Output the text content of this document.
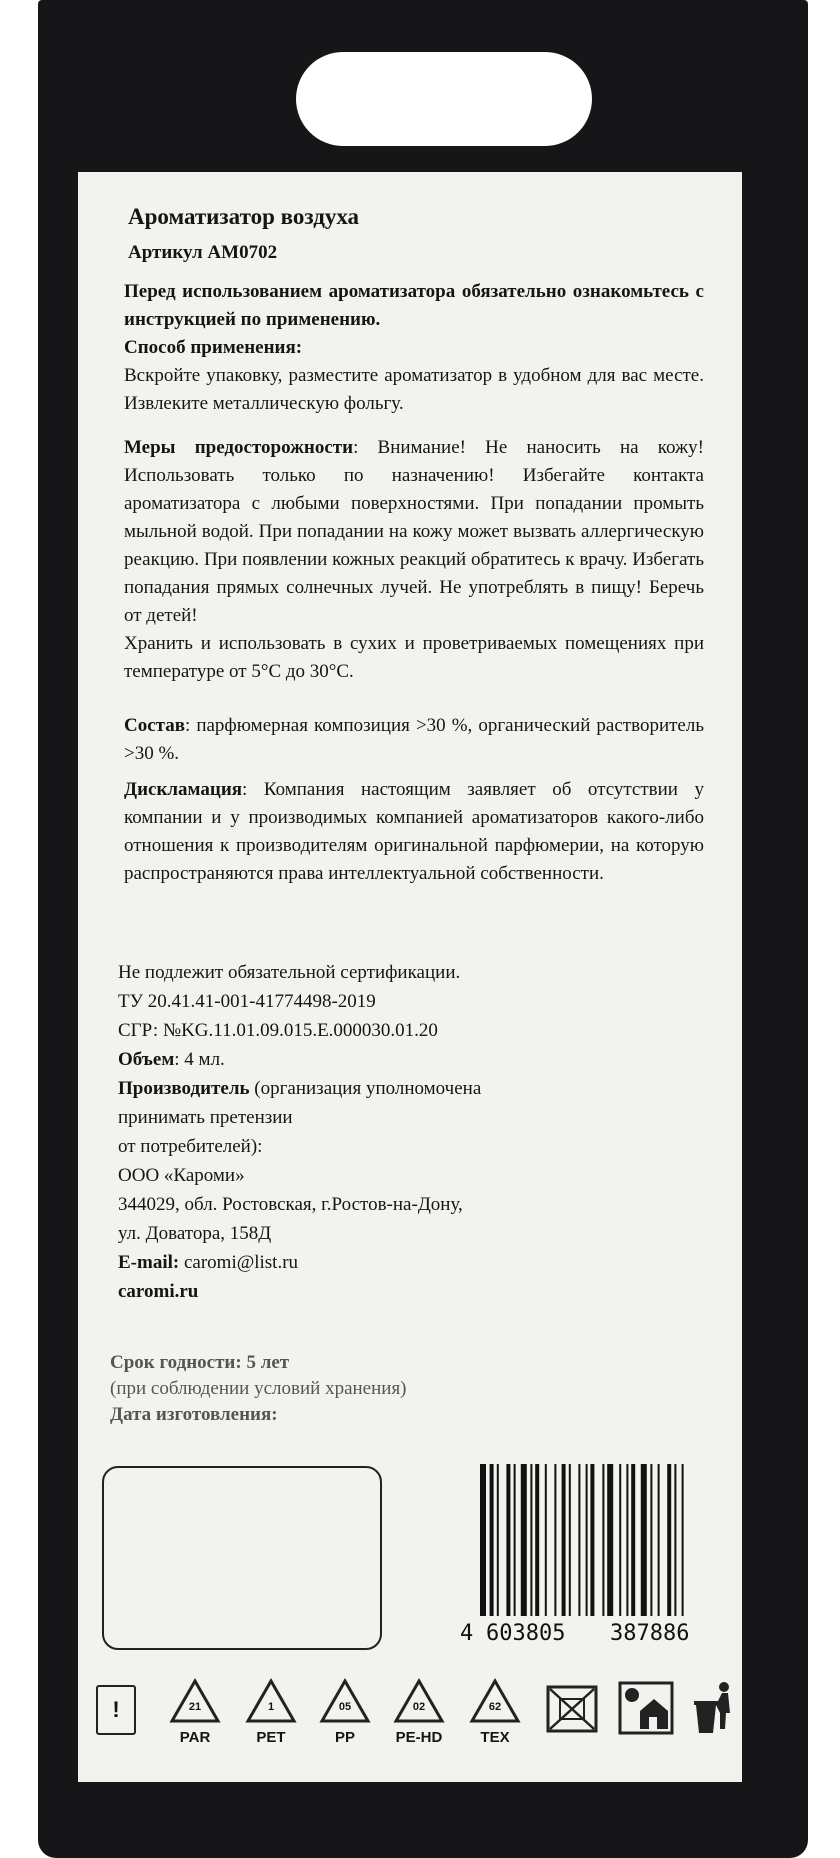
Ароматизатор воздуха
Артикул АМ0702
Перед использованием ароматизатора обязательно ознакомьтесь с инструкцией по применению.
Способ применения:
Вскройте упаковку, разместите ароматизатор в удобном для вас месте. Извлеките металлическую фольгу.
Меры предосторожности: Внимание! Не наносить на кожу! Использовать только по назначению! Избегайте контакта ароматизатора с любыми поверхностями. При попадании промыть мыльной водой. При попадании на кожу может вызвать аллергическую реакцию. При появлении кожных реакций обратитесь к врачу. Избегать попадания прямых солнечных лучей. Не употреблять в пищу! Беречь от детей!
Хранить и использовать в сухих и проветриваемых помещениях при температуре от 5°С до 30°С.
Состав: парфюмерная композиция >30 %, органический растворитель >30 %.
Дисклaмация: Компания настоящим заявляет об отсутствии у компании и у производимых компанией ароматизаторов какого-либо отношения к производителям оригинальной парфюмерии, на которую распространяются права интеллектуальной собственности.
Не подлежит обязательной сертификации.
ТУ 20.41.41-001-41774498-2019
СГР: №KG.11.01.09.015.Е.000030.01.20
Объем: 4 мл.
Производитель (организация уполномочена
принимать претензии
от потребителей):
ООО «Кароми»
344029, обл. Ростовская, г.Ростов-на-Дону,
ул. Доватора, 158Д
E-mail: caromi@list.ru
caromi.ru
Срок годности: 5 лет
(при соблюдении условий хранения)
Дата изготовления:
4 603805 387886
!	21
PAR
1
PET
05
PP
02
PE-HD
62
TEX
